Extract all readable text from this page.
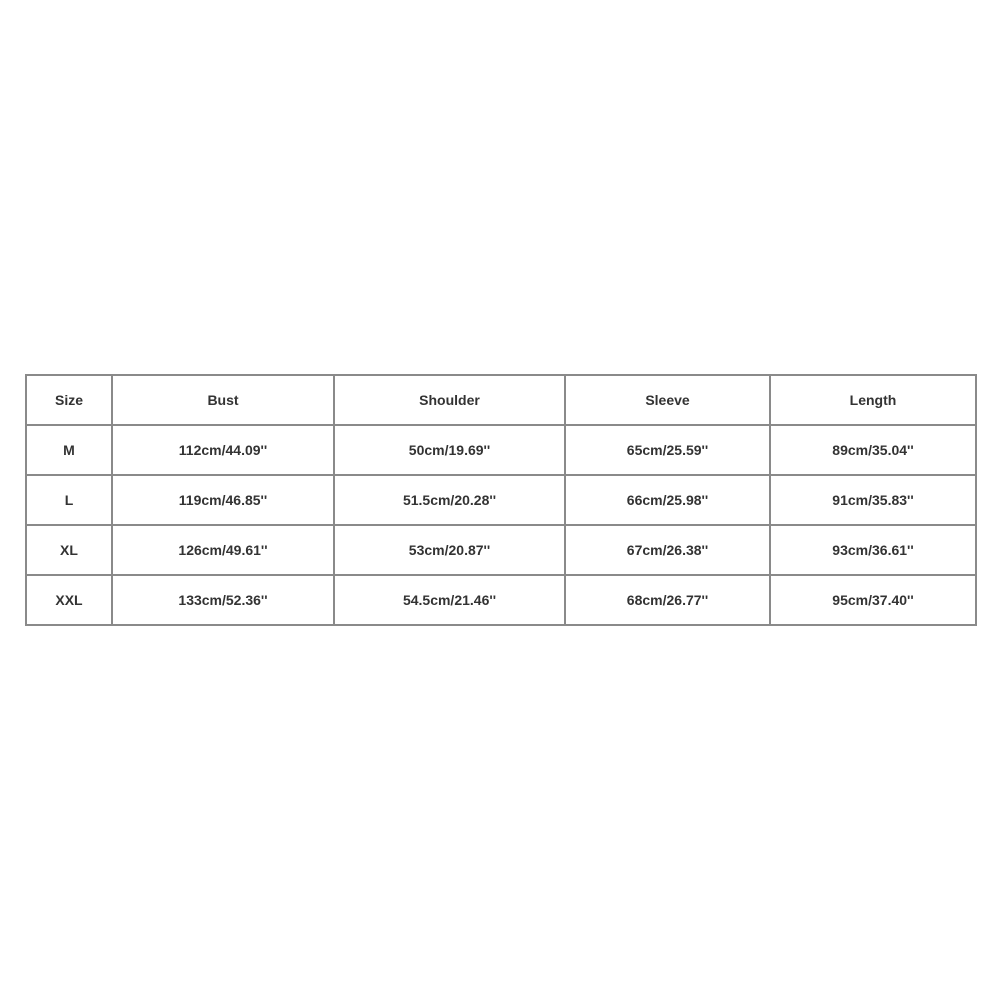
Size	Bust	Shoulder	Sleeve	Length
M	112cm/44.09''	50cm/19.69''	65cm/25.59''	89cm/35.04''
L	119cm/46.85''	51.5cm/20.28''	66cm/25.98''	91cm/35.83''
XL	126cm/49.61''	53cm/20.87''	67cm/26.38''	93cm/36.61''
XXL	133cm/52.36''	54.5cm/21.46''	68cm/26.77''	95cm/37.40''
